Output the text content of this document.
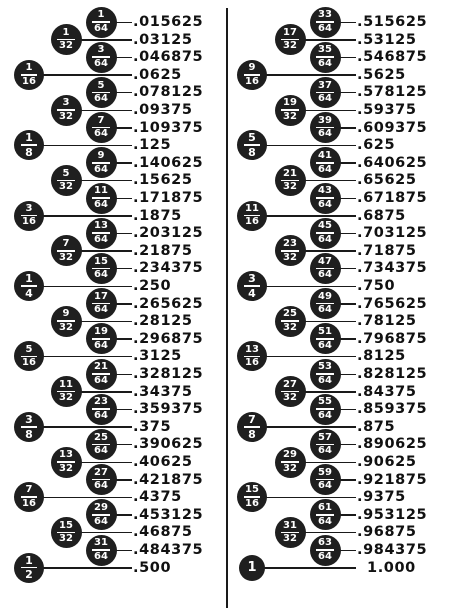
.015625
1
64
.03125
1
32
.046875
3
64
.0625
1
16
.078125
5
64
.09375
3
32
.109375
7
64
.125
1
8
.140625
9
64
.15625
5
32
.171875
11
64
.1875
3
16
.203125
13
64
.21875
7
32
.234375
15
64
.250
1
4
.265625
17
64
.28125
9
32
.296875
19
64
.3125
5
16
.328125
21
64
.34375
11
32
.359375
23
64
.375
3
8
.390625
25
64
.40625
13
32
.421875
27
64
.4375
7
16
.453125
29
64
.46875
15
32
.484375
31
64
.500
1
2
.515625
33
64
.53125
17
32
.546875
35
64
.5625
9
16
.578125
37
64
.59375
19
32
.609375
39
64
.625
5
8
.640625
41
64
.65625
21
32
.671875
43
64
.6875
11
16
.703125
45
64
.71875
23
32
.734375
47
64
.750
3
4
.765625
49
64
.78125
25
32
.796875
51
64
.8125
13
16
.828125
53
64
.84375
27
32
.859375
55
64
.875
7
8
.890625
57
64
.90625
29
32
.921875
59
64
.9375
15
16
.953125
61
64
.96875
31
32
.984375
63
64
1.000
1
